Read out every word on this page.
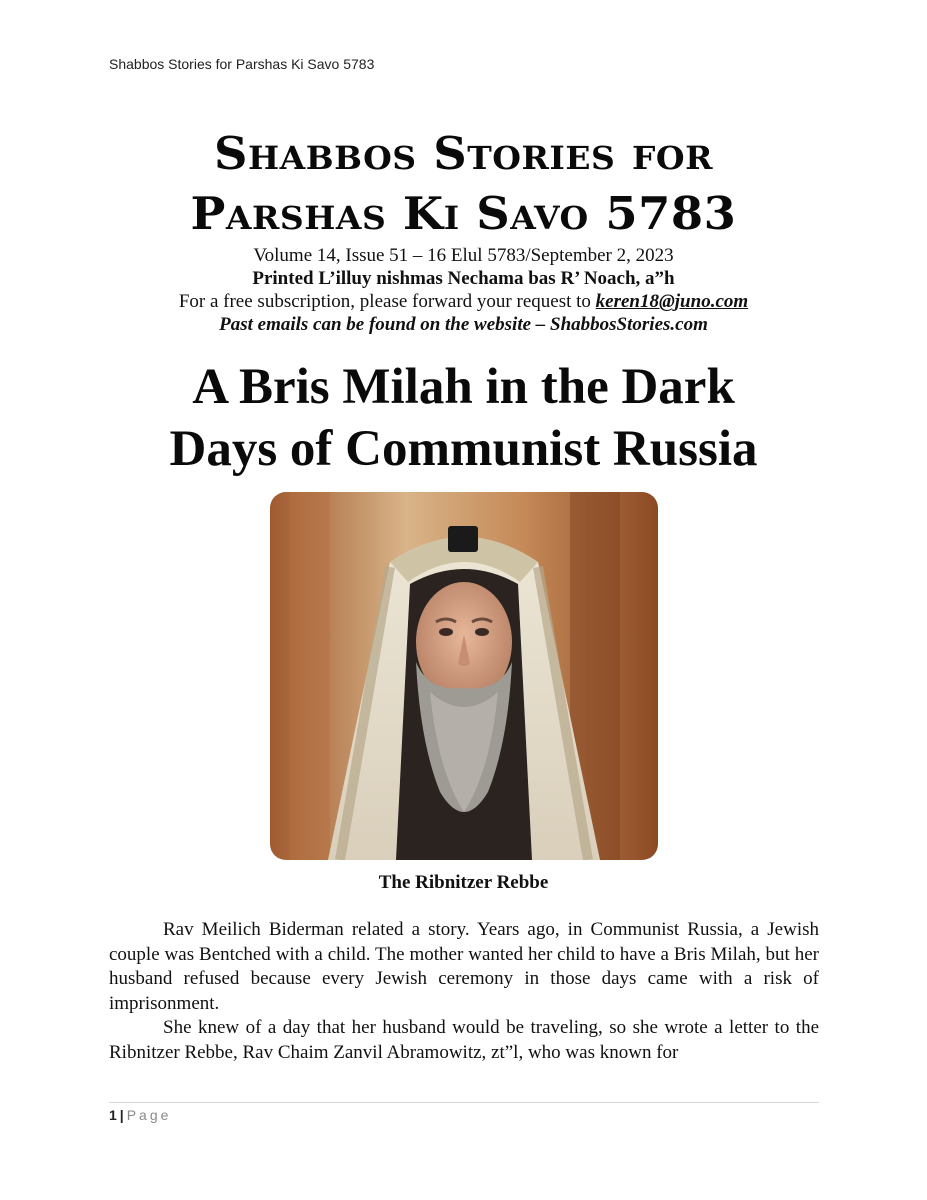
Shabbos Stories for Parshas Ki Savo 5783
Shabbos Stories for
Parshas Ki Savo 5783
Volume 14, Issue 51 – 16 Elul 5783/September 2, 2023
Printed L’illuy nishmas Nechama bas R’ Noach, a”h
For a free subscription, please forward your request to keren18@juno.com
Past emails can be found on the website – ShabbosStories.com
A Bris Milah in the Dark
Days of Communist Russia
The Ribnitzer Rebbe

Rav Meilich Biderman related a story. Years ago, in Communist Russia, a Jewish couple was Bentched with a child. The mother wanted her child to have a Bris Milah, but her husband refused because every Jewish ceremony in those days came with a risk of imprisonment.

She knew of a day that her husband would be traveling, so she wrote a letter to the Ribnitzer Rebbe, Rav Chaim Zanvil Abramowitz, zt”l, who was known for

1 | Page
